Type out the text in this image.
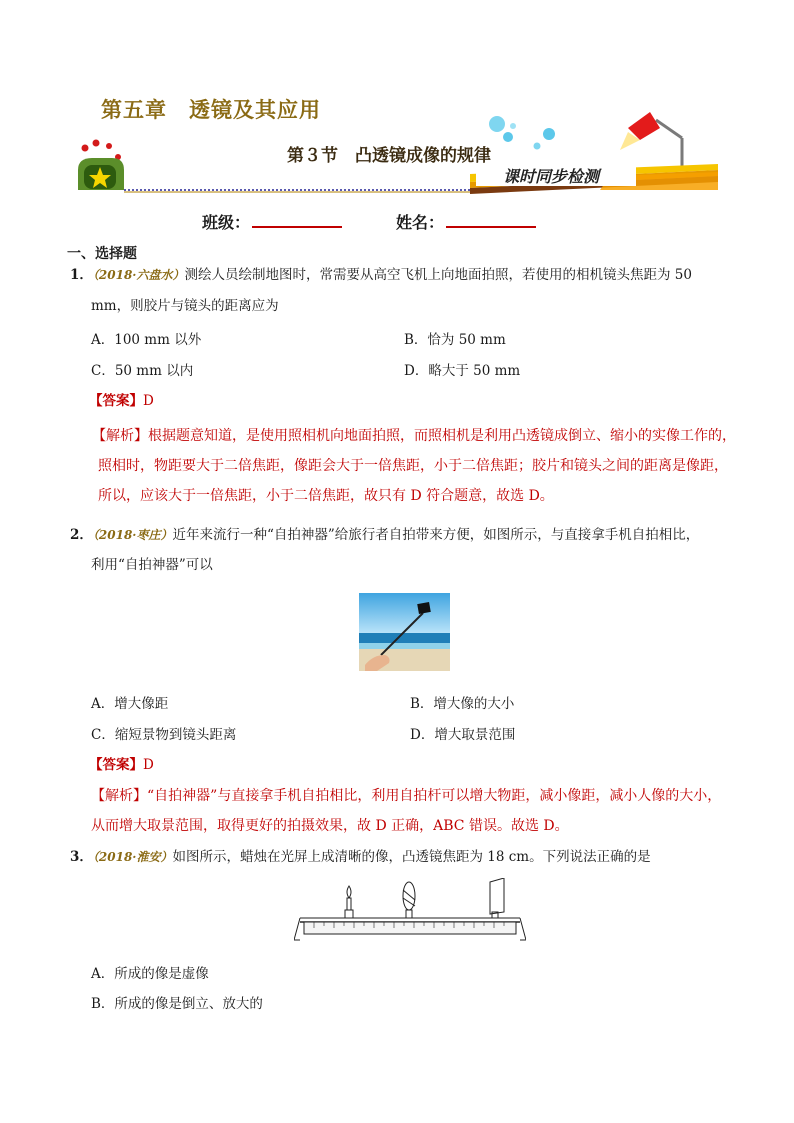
第五章　透镜及其应用
第３节　凸透镜成像的规律
课时同步检测
班级：	姓名：
一、选择题
1．（2018·六盘水）测绘人员绘制地图时，常需要从高空飞机上向地面拍照，若使用的相机镜头焦距为 50
mm，则胶片与镜头的距离应为
A．100 mm 以外	B．恰为 50 mm
C．50 mm 以内	D．略大于 50 mm
【答案】D
【解析】根据题意知道，是使用照相机向地面拍照，而照相机是利用凸透镜成倒立、缩小的实像工作的，
照相时，物距要大于二倍焦距，像距会大于一倍焦距，小于二倍焦距；胶片和镜头之间的距离是像距，
所以，应该大于一倍焦距，小于二倍焦距，故只有 D 符合题意，故选 D。
2．（2018·枣庄）近年来流行一种“自拍神器”给旅行者自拍带来方便，如图所示，与直接拿手机自拍相比，
利用“自拍神器”可以
A．增大像距	B．增大像的大小
C．缩短景物到镜头距离	D．增大取景范围
【答案】D
【解析】“自拍神器”与直接拿手机自拍相比，利用自拍杆可以增大物距，减小像距，减小人像的大小，
从而增大取景范围，取得更好的拍摄效果，故 D 正确，ABC 错误。故选 D。
3．（2018·淮安）如图所示，蜡烛在光屏上成清晰的像，凸透镜焦距为 18 cm。下列说法正确的是
A．所成的像是虚像
B．所成的像是倒立、放大的
